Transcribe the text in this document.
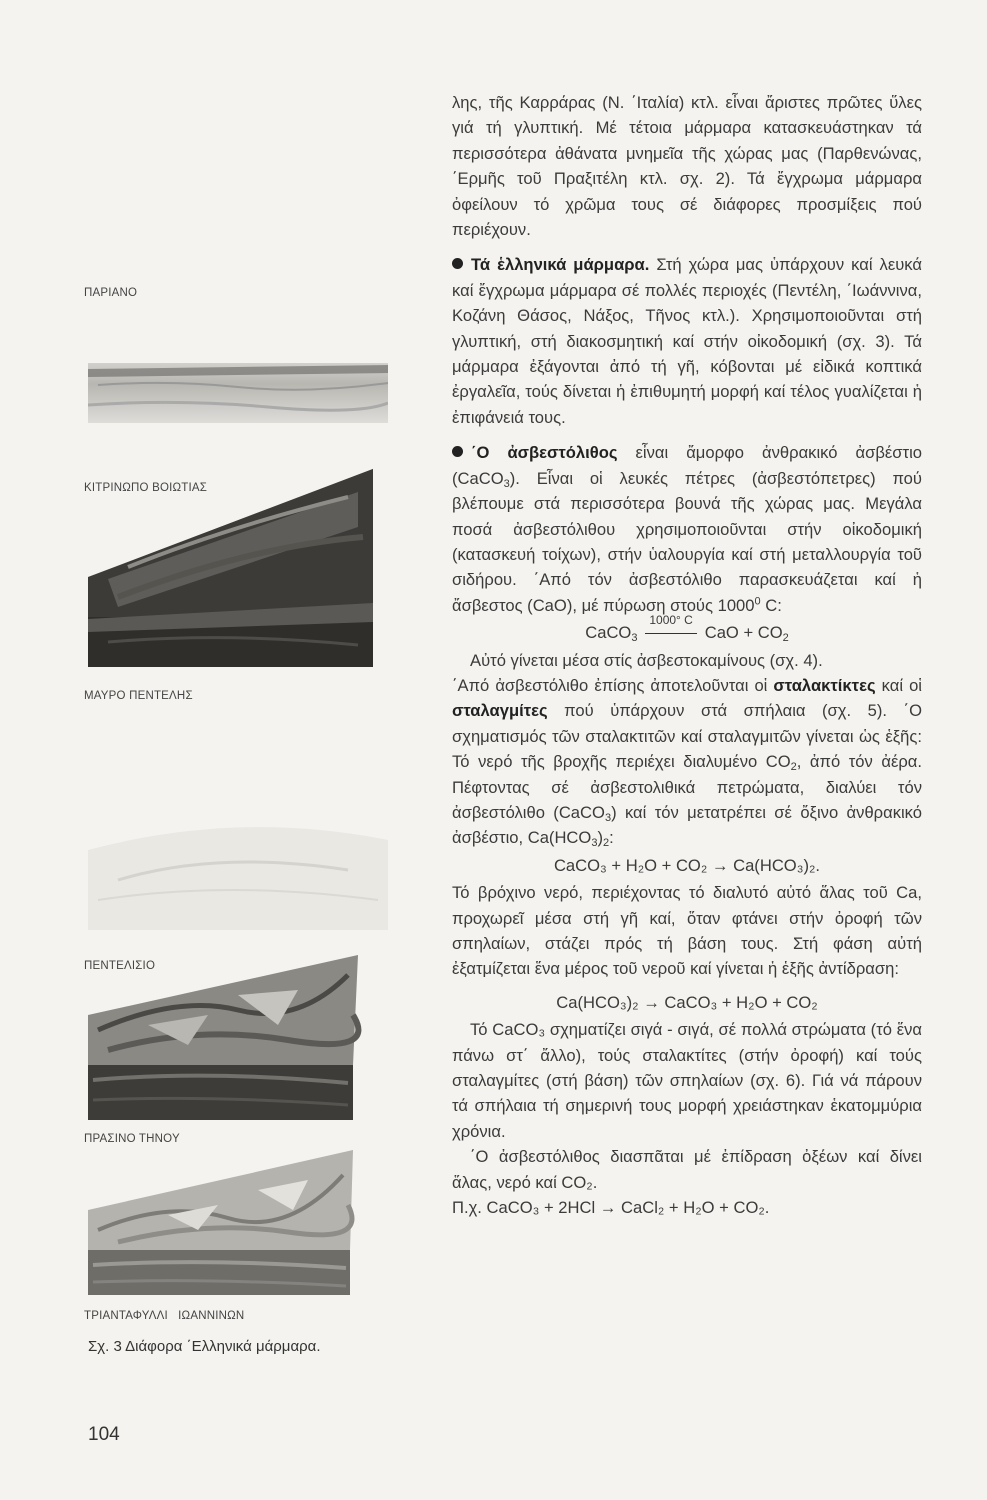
ΠΑΡΙΑΝΟ
ΚΙΤΡΙΝΩΠΟ ΒΟΙΩΤΙΑΣ
ΜΑΥΡΟ ΠΕΝΤΕΛΗΣ
ΠΕΝΤΕΛΙΣΙΟ
ΠΡΑΣΙΝΟ ΤΗΝΟΥ
ΤΡΙΑΝΤΑΦΥΛΛΙ   ΙΩΑΝΝΙΝΩΝ
Σχ. 3 Διάφορα ΄Ελληνικά μάρμαρα.
104

λης, τῆς Καρράρας (Ν. ΄Ιταλία) κτλ. εἶναι ἄριστες πρῶτες ὕλες γιά τή γλυπτική. Μέ τέτοια μάρμαρα κατασκευάστηκαν τά περισσότερα ἀθάνατα μνημεῖα τῆς χώρας μας (Παρθενώνας, ΄Ερμῆς τοῦ Πραξιτέλη κτλ. σχ. 2). Τά ἔγχρωμα μάρμαρα ὀφείλουν τό χρῶμα τους σέ διάφορες προσμίξεις πού περιέχουν.

Τά ἑλληνικά μάρμαρα. Στή χώρα μας ὑπάρχουν καί λευκά καί ἔγχρωμα μάρμαρα σέ πολλές περιοχές (Πεντέλη, ΄Ιωάννινα, Κοζάνη Θάσος, Νάξος, Τῆνος κτλ.). Χρησιμοποιοῦνται στή γλυπτική, στή διακοσμητική καί στήν οἰκοδομική (σχ. 3). Τά μάρμαρα ἐξάγονται ἀπό τή γῆ, κόβονται μέ εἰδικά κοπτικά ἐργαλεῖα, τούς δίνεται ἡ ἐπιθυμητή μορφή καί τέλος γυαλίζεται ἡ ἐπιφάνειά τους.

΄Ο ἀσβεστόλιθος εἶναι ἄμορφο ἀνθρακικό ἀσβέστιο (CaCO$_3$). Εἶναι οἱ λευκές πέτρες (ἀσβεστόπετρες) πού βλέπουμε στά περισσότερα βουνά τῆς χώρας μας. Μεγάλα ποσά ἀσβεστόλιθου χρησιμοποιοῦνται στήν οἰκοδομική (κατασκευή τοίχων), στήν ὑαλουργία καί στή μεταλλουργία τοῦ σιδήρου. ΄Από τόν ἀσβεστόλιθο παρασκευάζεται καί ἡ ἄσβεστος (CaO), μέ πύρωση στούς 1000$^0$ C:

CaCO$_3$
1000° C
CaO + $CO_2$

Αὐτό γίνεται μέσα στίς ἀσβεστοκαμίνους (σχ. 4).

΄Από ἀσβεστόλιθο ἐπίσης ἀποτελοῦνται οἱ σταλακτίκτες καί οἱ σταλαγμίτες πού ὑπάρχουν στά σπήλαια (σχ. 5). ΄Ο σχηματισμός τῶν σταλακτιτῶν καί σταλαγμιτῶν γίνεται ὡς ἑξῆς: Τό νερό τῆς βροχῆς περιέχει διαλυμένο $CO_2$, ἀπό τόν ἀέρα. Πέφτοντας σέ ἀσβεστολιθικά πετρώματα, διαλύει τόν ἀσβεστόλιθο (CaCO$_3$) καί τόν μετατρέπει σέ ὄξινο ἀνθρακικό ἀσβέστιο, $Ca(HCO_3)_2$:

CaCO₃ + H₂O + CO₂ → Ca(HCO₃)₂.

Τό βρόχινο νερό, περιέχοντας τό διαλυτό αὐτό ἅλας τοῦ Ca, προχωρεῖ μέσα στή γῆ καί, ὅταν φτάνει στήν ὀροφή τῶν σπηλαίων, στάζει πρός τή βάση τους. Στή φάση αὐτή ἐξατμίζεται ἕνα μέρος τοῦ νεροῦ καί γίνεται ἡ ἑξῆς ἀντίδραση:

Ca(HCO₃)₂ → CaCO₃ + H₂O + CO₂

Τό CaCO₃ σχηματίζει σιγά - σιγά, σέ πολλά στρώματα (τό ἕνα πάνω στ΄ ἄλλο), τούς σταλακτίτες (στήν ὀροφή) καί τούς σταλαγμίτες (στή βάση) τῶν σπηλαίων (σχ. 6). Γιά νά πάρουν τά σπήλαια τή σημερινή τους μορφή χρειάστηκαν ἑκατομμύρια χρόνια.

΄Ο ἀσβεστόλιθος διασπᾶται μέ ἐπίδραση ὀξέων καί δίνει ἅλας, νερό καί CO₂.

Π.χ. CaCO₃ + 2HCl → CaCl₂ + H₂O + CO₂.
